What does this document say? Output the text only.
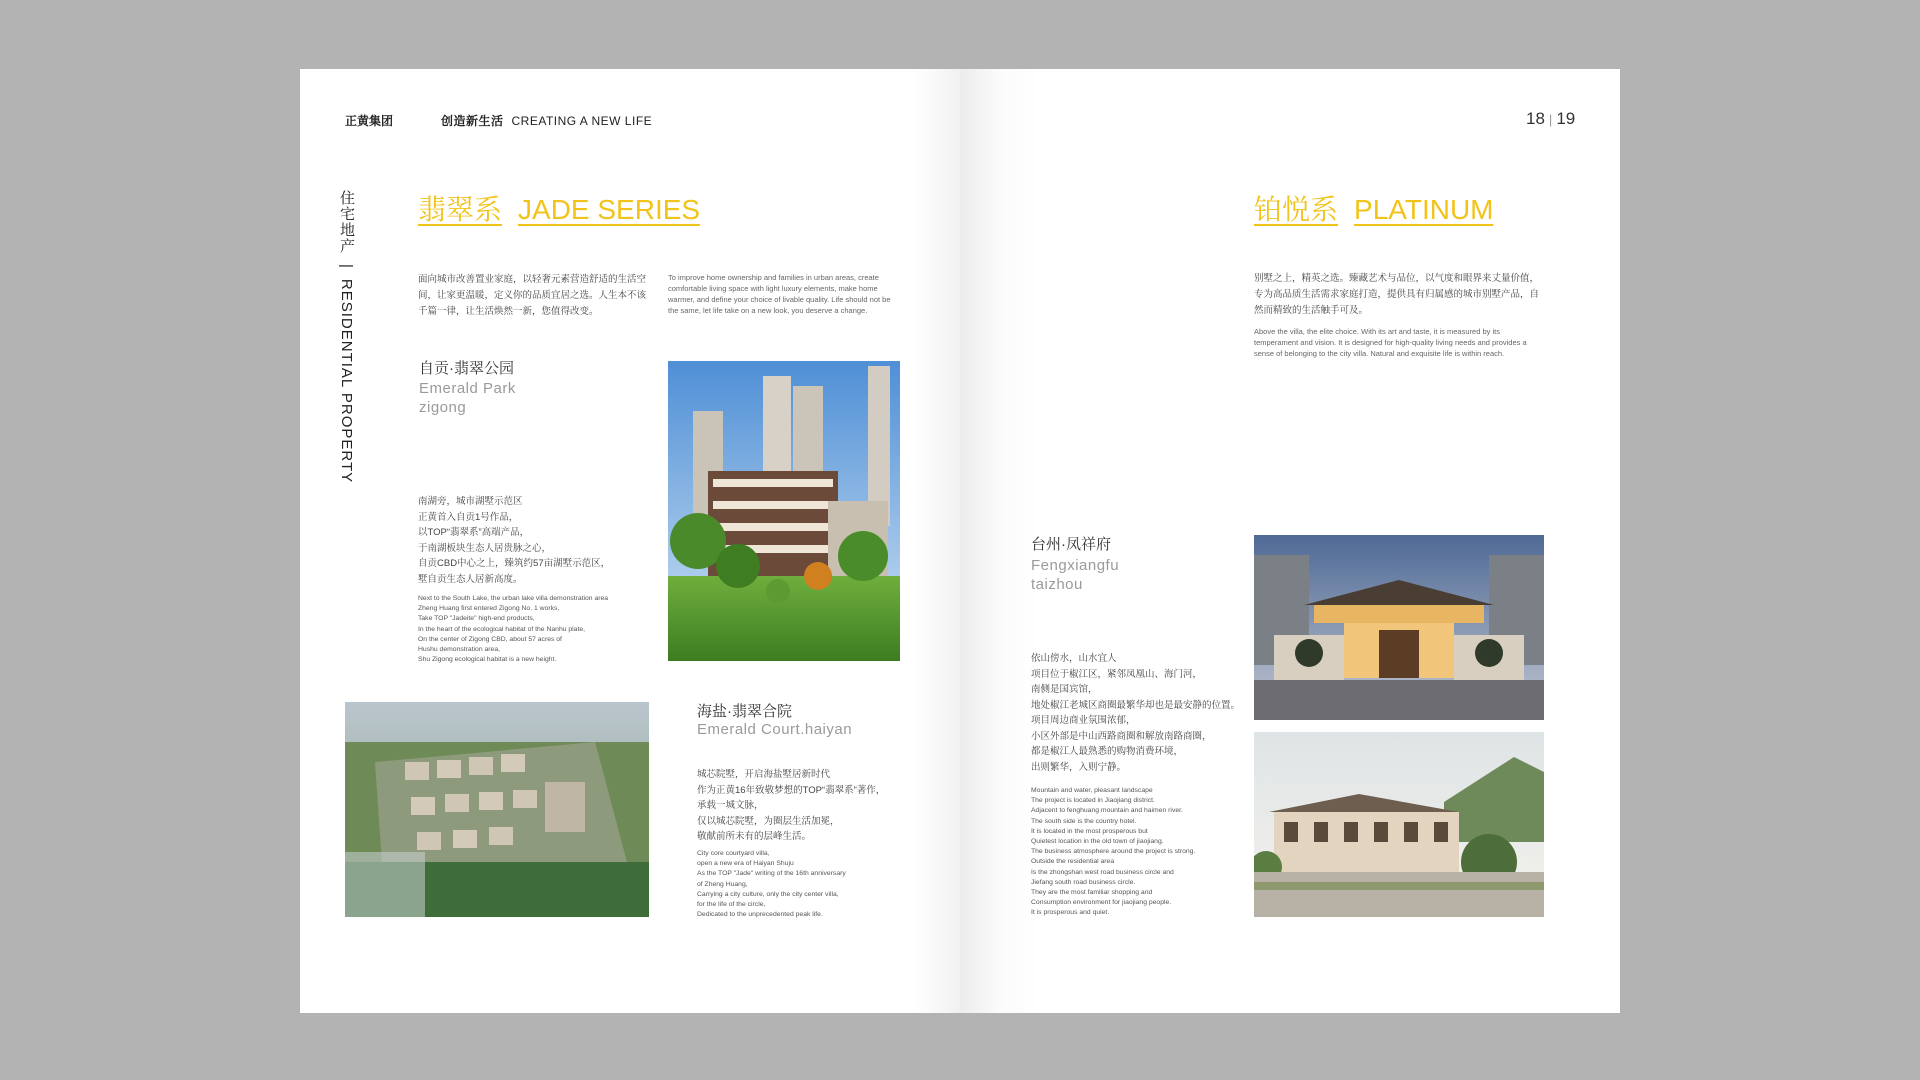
正黄集团	创造新生活 CREATING A NEW LIFE	18 | 19
住宅地产|RESIDENTIAL PROPERTY
翡翠系 JADE SERIES
面向城市改善置业家庭，以轻奢元素营造舒适的生活空间，让家更温暖，定义你的品质宜居之选。人生本不该千篇一律，让生活焕然一新，您值得改变。
To improve home ownership and families in urban areas, create comfortable living space with light luxury elements, make home warmer, and define your choice of livable quality. Life should not be the same, let life take on a new look, you deserve a change.
自贡·翡翠公园
Emerald Park
zigong
南湖旁，城市湖墅示范区
正黄首入自贡1号作品，
以TOP“翡翠系”高端产品，
于南湖板块生态人居贵脉之心，
自贡CBD中心之上，臻筑约57亩湖墅示范区，
墅自贡生态人居新高度。
Next to the South Lake, the urban lake villa demonstration area
Zheng Huang first entered Zigong No. 1 works,
Take TOP "Jadeite" high-end products,
In the heart of the ecological habitat of the Nanhu plate,
On the center of Zigong CBD, about 57 acres of
Hushu demonstration area,
Shu Zigong ecological habitat is a new height.
海盐·翡翠合院
Emerald Court.haiyan
城芯院墅，开启海盐墅居新时代
作为正黄16年致敬梦想的TOP“翡翠系”著作，
承载一城文脉，
仅以城芯院墅，为圈层生活加冕，
敬献前所未有的层峰生活。
City core courtyard villa,
open a new era of Haiyan Shuju
As the TOP "Jade" writing of the 16th anniversary
of Zheng Huang,
Carrying a city culture, only the city center villa,
for the life of the circle,
Dedicated to the unprecedented peak life.
铂悦系 PLATINUM
别墅之上，精英之选。臻藏艺术与品位，以气度和眼界来丈量价值，专为高品质生活需求家庭打造，提供具有归属感的城市别墅产品，自然而精致的生活触手可及。
Above the villa, the elite choice. With its art and taste, it is measured by its temperament and vision. It is designed for high-quality living needs and provides a sense of belonging to the city villa. Natural and exquisite life is within reach.
台州·凤祥府
Fengxiangfu
taizhou
依山傍水，山水宜人
项目位于椒江区，紧邻凤凰山、海门河，
南侧是国宾馆，
地处椒江老城区商圈最繁华却也是最安静的位置。
项目周边商业氛围浓郁，
小区外部是中山西路商圈和解放南路商圈，
都是椒江人最熟悉的购物消费环境，
出则繁华，入则宁静。
Mountain and water, pleasant landscape
The project is located in Jiaojiang district.
Adjacent to fenghuang mountain and haimen river.
The south side is the country hotel.
It is located in the most prosperous but
Quietest location in the old town of jiaojiang.
The business atmosphere around the project is strong.
Outside the residential area
Is the zhongshan west road business circle and
Jiefang south road business circle.
They are the most familiar shopping and
Consumption environment for jiaojiang people.
It is prosperous and quiet.
